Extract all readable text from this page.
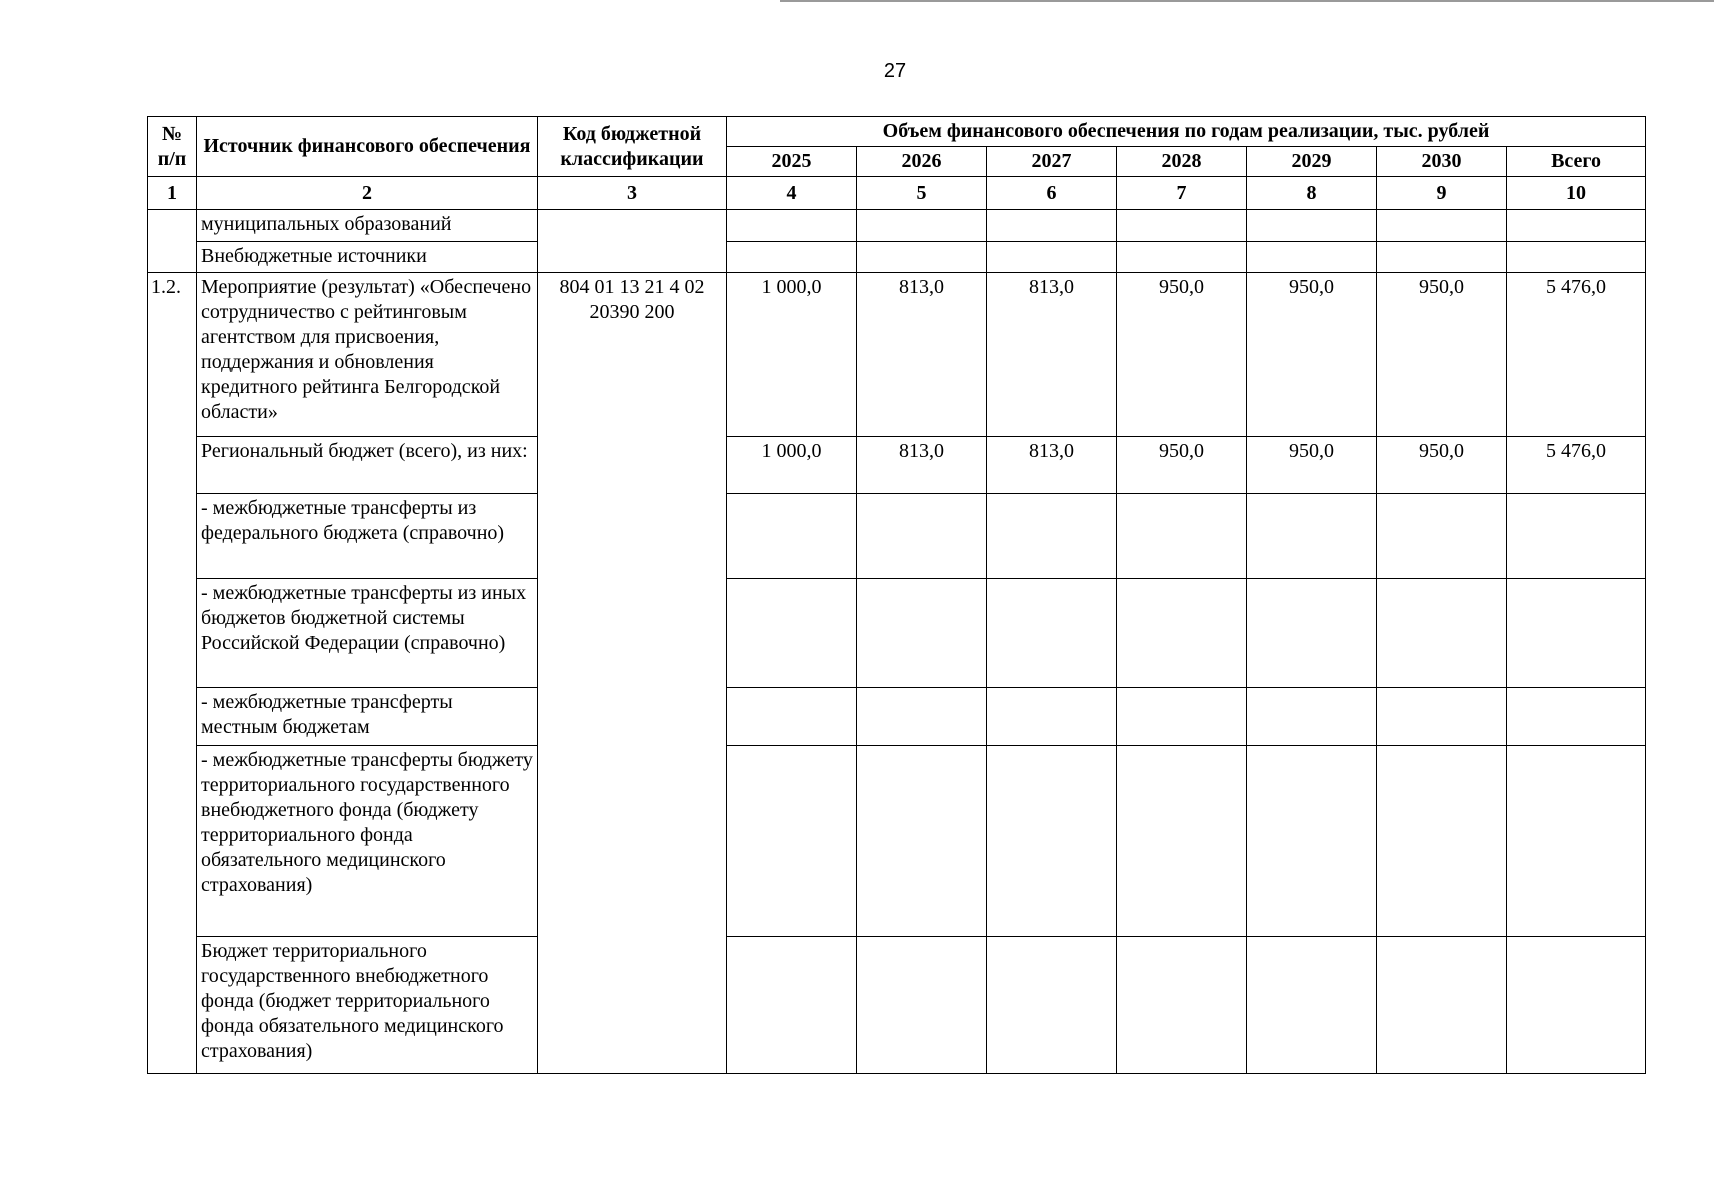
27
№ п/п	Источник финансового обеспечения	Код бюджетной классификации	Объем финансового обеспечения по годам реализации, тыс. рублей						
			2025	2026	2027	2028	2029	2030	Всего
1	2	3	4	5	6	7	8	9	10
	муниципальных образований								
	Внебюджетные источники								
1.2.	Мероприятие (результат) «Обеспечено сотрудничество с рейтинговым агентством для присвоения, поддержания и обновления кредитного рейтинга Белгородской области»	804 01 13 21 4 02 20390 200	1 000,0	813,0	813,0	950,0	950,0	950,0	5 476,0
	Региональный бюджет (всего), из них:		1 000,0	813,0	813,0	950,0	950,0	950,0	5 476,0
	- межбюджетные трансферты из федерального бюджета (справочно)								
	- межбюджетные трансферты из иных бюджетов бюджетной системы Российской Федерации (справочно)								
	- межбюджетные трансферты местным бюджетам								
	- межбюджетные трансферты бюджету территориального государственного внебюджетного фонда (бюджету территориального фонда обязательного медицинского страхования)								
	Бюджет территориального государственного внебюджетного фонда (бюджет территориального фонда обязательного медицинского страхования)								
